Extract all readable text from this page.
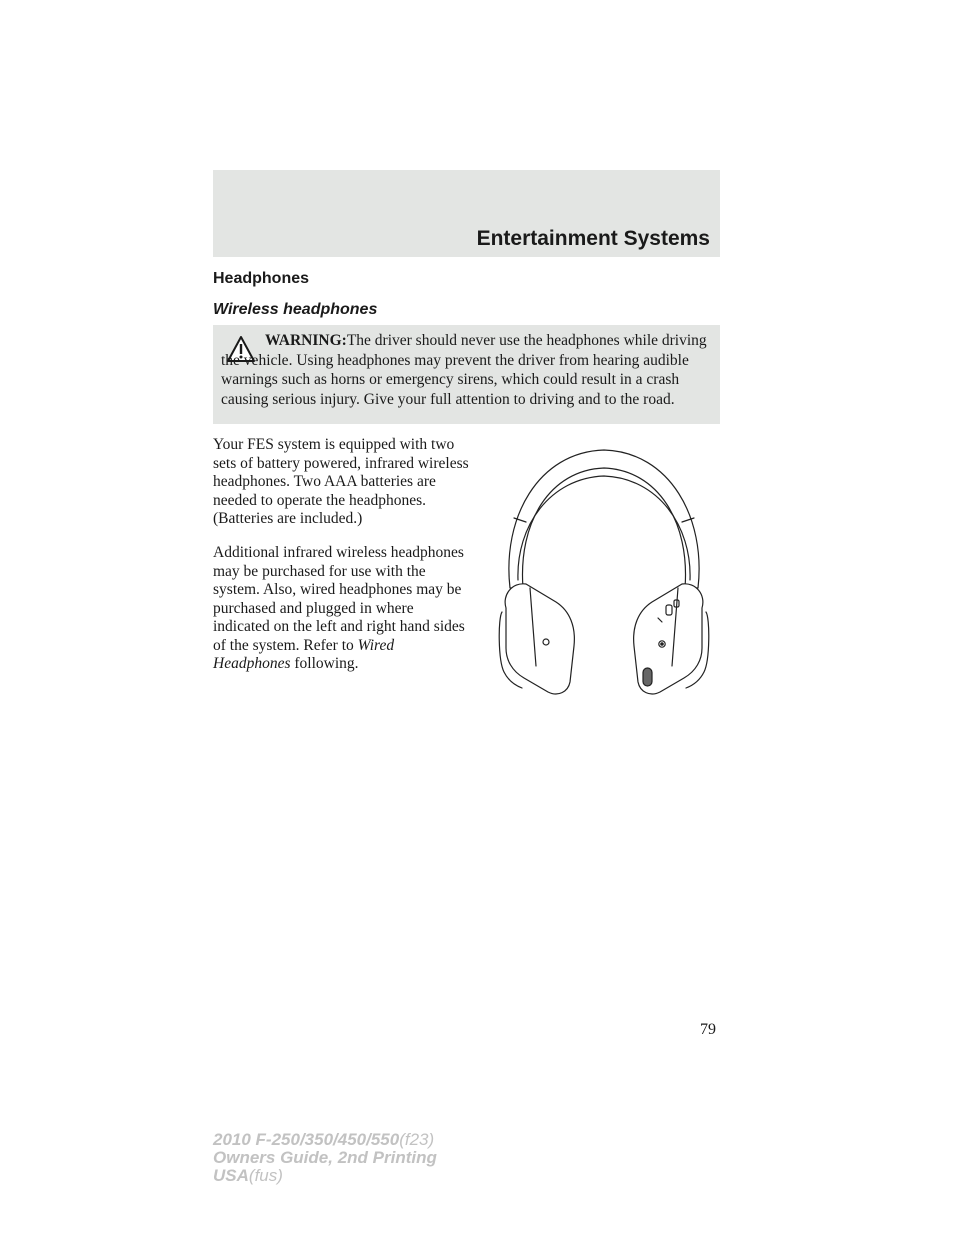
Entertainment Systems
Headphones
Wireless headphones
WARNING:The driver should never use the headphones while driving the vehicle. Using headphones may prevent the driver from hearing audible warnings such as horns or emergency sirens, which could result in a crash causing serious injury. Give your full attention to driving and to the road.
Your FES system is equipped with two sets of battery powered, infrared wireless headphones. Two AAA batteries are needed to operate the headphones. (Batteries are included.)
Additional infrared wireless headphones may be purchased for use with the system. Also, wired headphones may be purchased and plugged in where indicated on the left and right hand sides of the system. Refer to Wired Headphones following.
79
2010 F-250/350/450/550(f23)
Owners Guide, 2nd Printing
USA(fus)
